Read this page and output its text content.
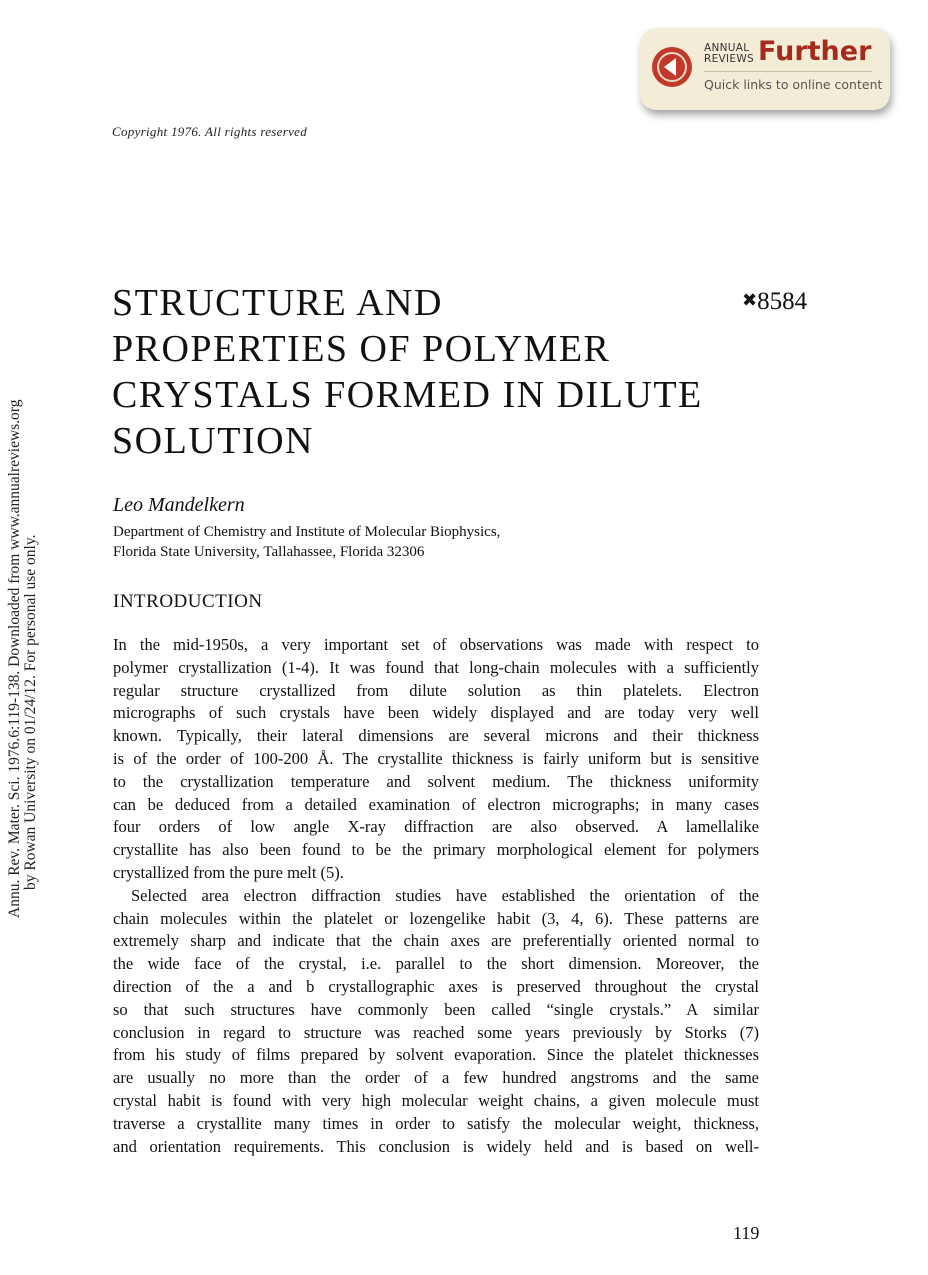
Annu. Rev. Mater. Sci. 1976.6:119-138. Downloaded from www.annualreviews.org by Rowan University on 01/24/12. For personal use only.
ANNUAL
REVIEWS Further
Quick links to online content
Copyright 1976. All rights reserved
STRUCTURE AND
PROPERTIES OF POLYMER
CRYSTALS FORMED IN DILUTE
SOLUTION
✖8584
Leo Mandelkern
Department of Chemistry and Institute of Molecular Biophysics,
Florida State University, Tallahassee, Florida 32306
INTRODUCTION
In the mid-1950s, a very important set of observations was made with respect to
polymer crystallization (1-4). It was found that long-chain molecules with a sufficiently
regular structure crystallized from dilute solution as thin platelets. Electron
micrographs of such crystals have been widely displayed and are today very well
known. Typically, their lateral dimensions are several microns and their thickness
is of the order of 100-200 Å. The crystallite thickness is fairly uniform but is sensitive
to the crystallization temperature and solvent medium. The thickness uniformity
can be deduced from a detailed examination of electron micrographs; in many cases
four orders of low angle X-ray diffraction are also observed. A lamellalike
crystallite has also been found to be the primary morphological element for polymers
crystallized from the pure melt (5).
Selected area electron diffraction studies have established the orientation of the
chain molecules within the platelet or lozengelike habit (3, 4, 6). These patterns are
extremely sharp and indicate that the chain axes are preferentially oriented normal to
the wide face of the crystal, i.e. parallel to the short dimension. Moreover, the
direction of the a and b crystallographic axes is preserved throughout the crystal
so that such structures have commonly been called “single crystals.” A similar
conclusion in regard to structure was reached some years previously by Storks (7)
from his study of films prepared by solvent evaporation. Since the platelet thicknesses
are usually no more than the order of a few hundred angstroms and the same
crystal habit is found with very high molecular weight chains, a given molecule must
traverse a crystallite many times in order to satisfy the molecular weight, thickness,
and orientation requirements. This conclusion is widely held and is based on well-
119
